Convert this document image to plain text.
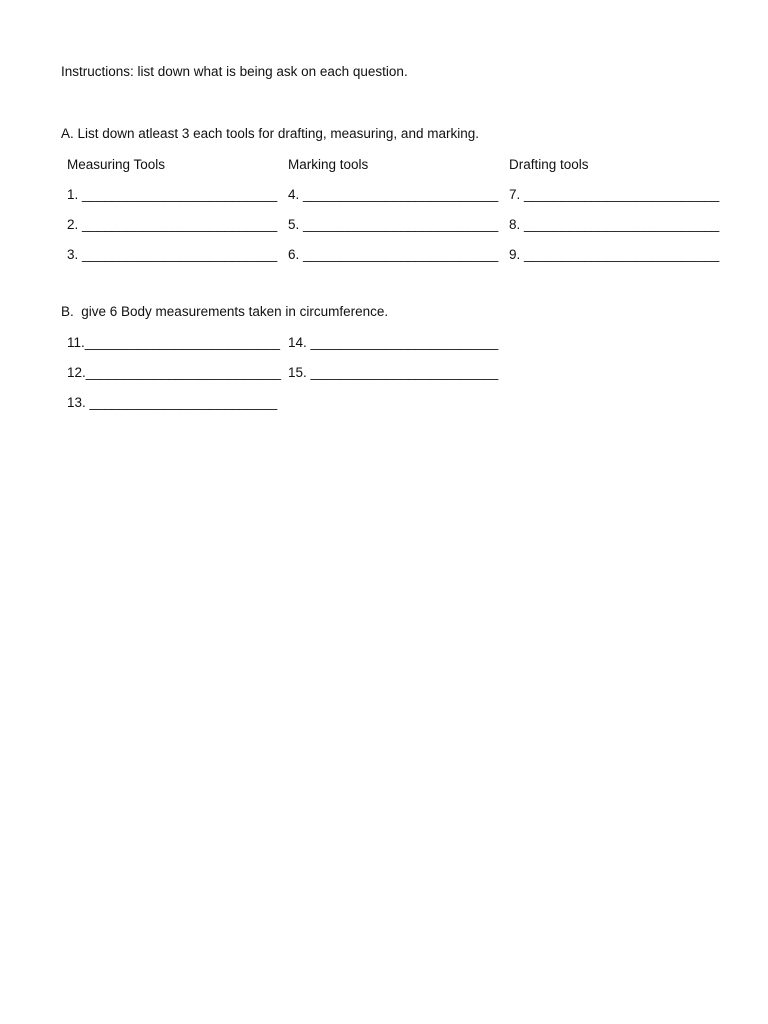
Instructions: list down what is being ask on each question.
A. List down atleast 3 each tools for drafting, measuring, and marking.
Measuring Tools
1. __________________________
2. __________________________
3. __________________________
Marking tools
4. __________________________
5. __________________________
6. __________________________
Drafting tools
7. __________________________
8. __________________________
9. __________________________
B.  give 6 Body measurements taken in circumference.
11.__________________________
12.__________________________
13. _________________________
14. _________________________
15. _________________________
